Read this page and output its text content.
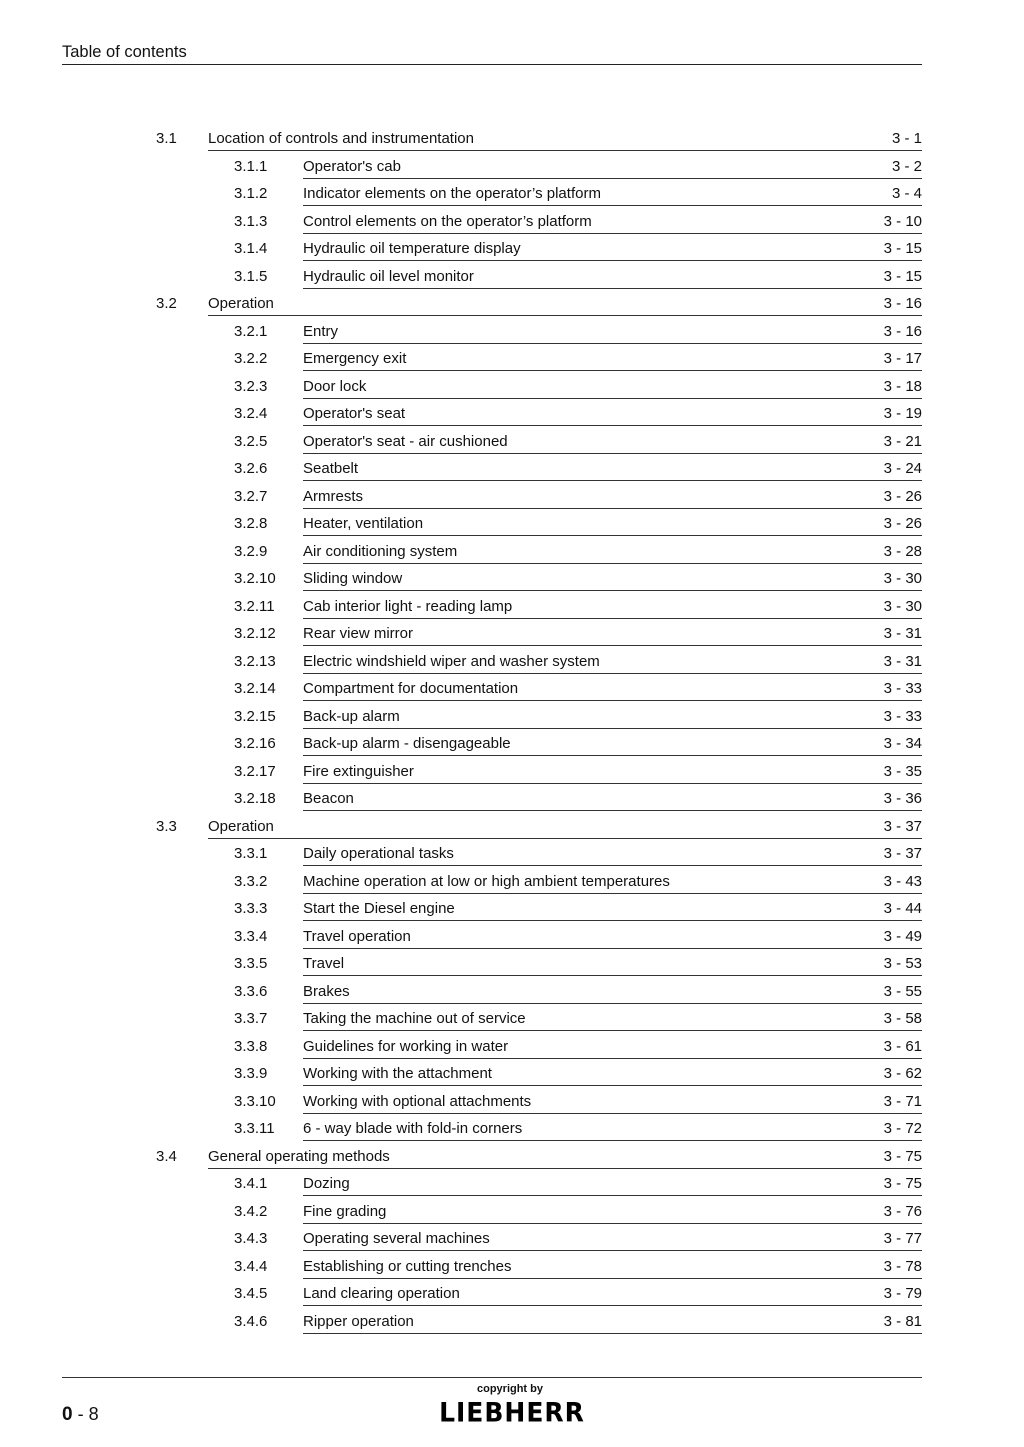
Table of contents
3.1 Location of controls and instrumentation	3 - 1
3.1.1 Operator's cab	3 - 2
3.1.2 Indicator elements on the operator’s platform	3 - 4
3.1.3 Control elements on the operator’s platform	3 - 10
3.1.4 Hydraulic oil temperature display	3 - 15
3.1.5 Hydraulic oil level monitor	3 - 15
3.2 Operation	3 - 16
3.2.1 Entry	3 - 16
3.2.2 Emergency exit	3 - 17
3.2.3 Door lock	3 - 18
3.2.4 Operator's seat	3 - 19
3.2.5 Operator's seat - air cushioned	3 - 21
3.2.6 Seatbelt	3 - 24
3.2.7 Armrests	3 - 26
3.2.8 Heater, ventilation	3 - 26
3.2.9 Air conditioning system	3 - 28
3.2.10 Sliding window	3 - 30
3.2.11 Cab interior light - reading lamp	3 - 30
3.2.12 Rear view mirror	3 - 31
3.2.13 Electric windshield wiper and washer system	3 - 31
3.2.14 Compartment for documentation	3 - 33
3.2.15 Back-up alarm	3 - 33
3.2.16 Back-up alarm - disengageable	3 - 34
3.2.17 Fire extinguisher	3 - 35
3.2.18 Beacon	3 - 36
3.3 Operation	3 - 37
3.3.1 Daily operational tasks	3 - 37
3.3.2 Machine operation at low or high ambient temperatures	3 - 43
3.3.3 Start the Diesel engine	3 - 44
3.3.4 Travel operation	3 - 49
3.3.5 Travel	3 - 53
3.3.6 Brakes	3 - 55
3.3.7 Taking the machine out of service	3 - 58
3.3.8 Guidelines for working in water	3 - 61
3.3.9 Working with the attachment	3 - 62
3.3.10 Working with optional attachments	3 - 71
3.3.11 6 - way blade with fold-in corners	3 - 72
3.4 General operating methods	3 - 75
3.4.1 Dozing	3 - 75
3.4.2 Fine grading	3 - 76
3.4.3 Operating several machines	3 - 77
3.4.4 Establishing or cutting trenches	3 - 78
3.4.5 Land clearing operation	3 - 79
3.4.6 Ripper operation	3 - 81
0 - 8
copyright by
LIEBHERR
